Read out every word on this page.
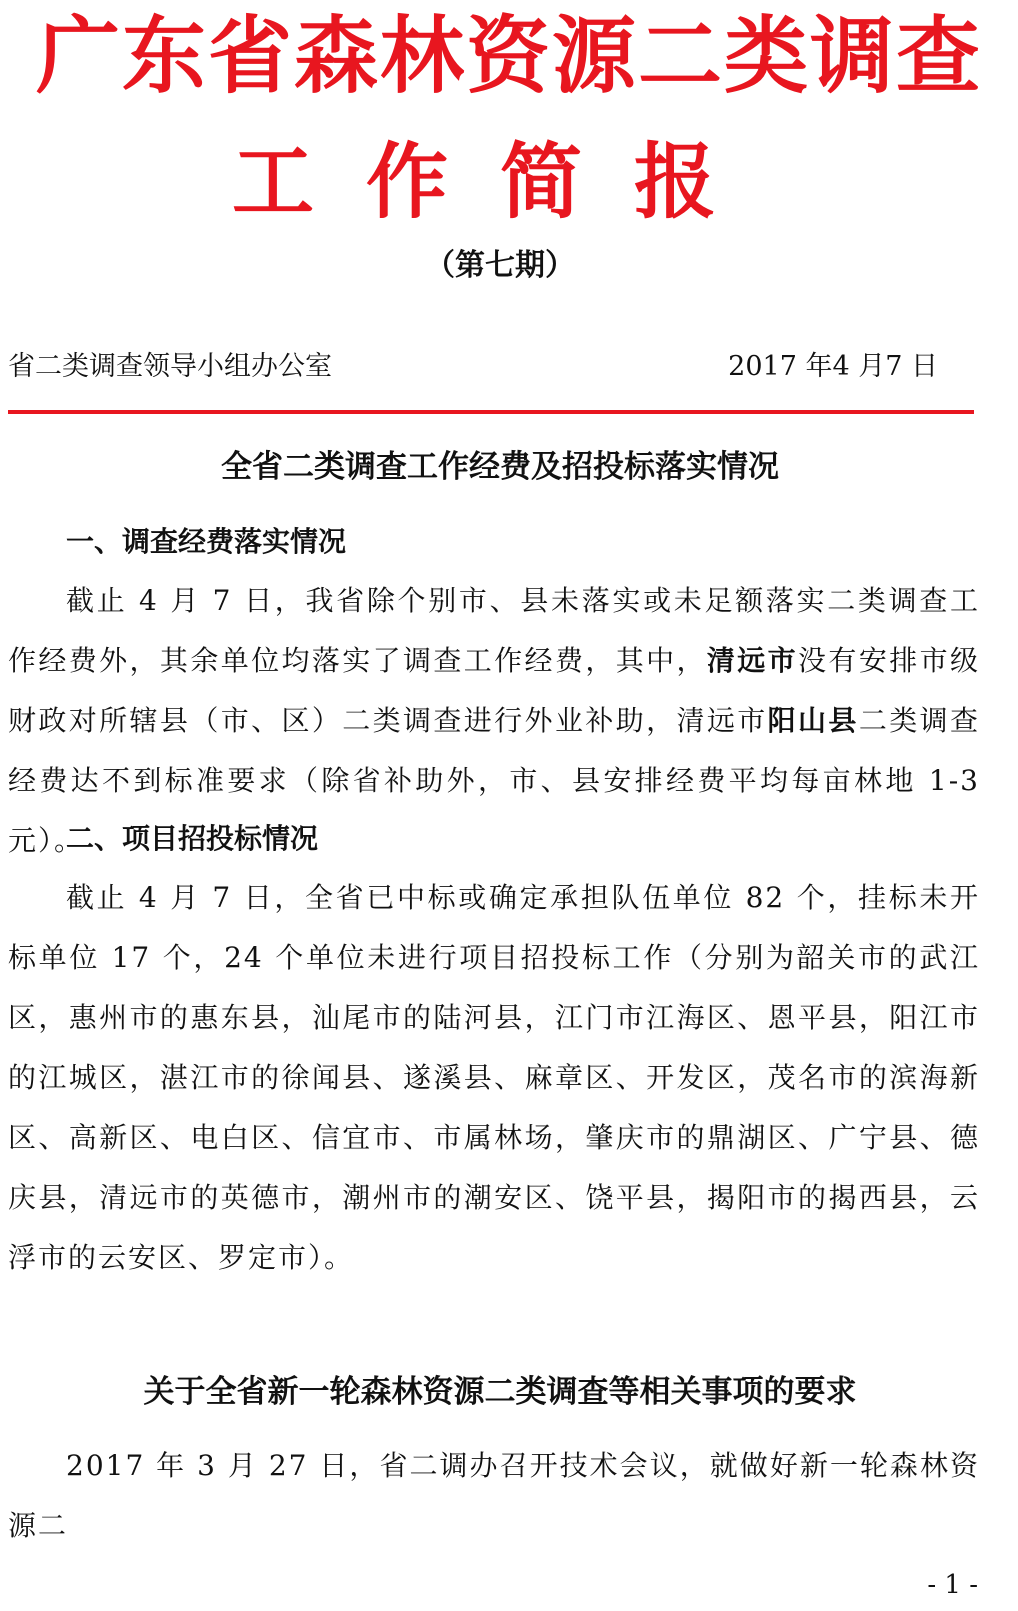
广东省森林资源二类调查
工作简报
（第七期）
省二类调查领导小组办公室	2017 年4 月7 日
全省二类调查工作经费及招投标落实情况
一、调查经费落实情况

截止 4 月 7 日，我省除个别市、县未落实或未足额落实二类调查工作经费外，其余单位均落实了调查工作经费，其中，清远市没有安排市级财政对所辖县（市、区）二类调查进行外业补助，清远市阳山县二类调查经费达不到标准要求（除省补助外，市、县安排经费平均每亩林地 1-3 元）。

二、项目招投标情况

截止 4 月 7 日，全省已中标或确定承担队伍单位 82 个，挂标未开标单位 17 个，24 个单位未进行项目招投标工作（分别为韶关市的武江区，惠州市的惠东县，汕尾市的陆河县，江门市江海区、恩平县，阳江市的江城区，湛江市的徐闻县、遂溪县、麻章区、开发区，茂名市的滨海新区、高新区、电白区、信宜市、市属林场，肇庆市的鼎湖区、广宁县、德庆县，清远市的英德市，潮州市的潮安区、饶平县，揭阳市的揭西县，云浮市的云安区、罗定市）。

关于全省新一轮森林资源二类调查等相关事项的要求

2017 年 3 月 27 日，省二调办召开技术会议，就做好新一轮森林资源二

- 1 -
